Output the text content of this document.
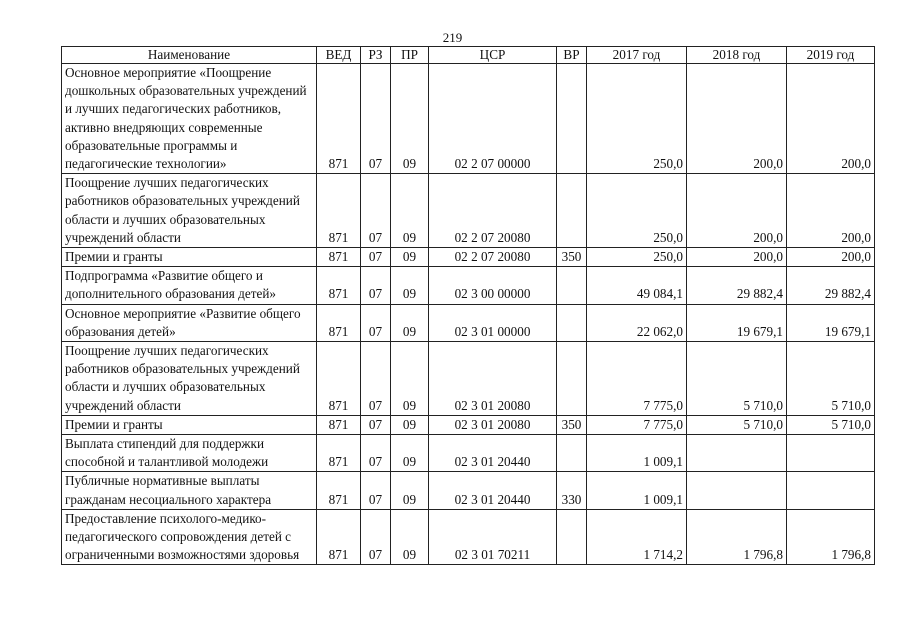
219
Наименование	ВЕД	РЗ	ПР	ЦСР	ВР	2017 год	2018 год	2019 год
Основное мероприятие «Поощрение дошкольных образовательных учреждений и лучших педагогических работников, активно внедряющих современные образовательные программы и педагогические технологии»	871	07	09	02 2 07 00000		250,0	200,0	200,0
Поощрение лучших педагогических работников образовательных учреждений области и лучших образовательных учреждений области	871	07	09	02 2 07 20080		250,0	200,0	200,0
Премии и гранты	871	07	09	02 2 07 20080	350	250,0	200,0	200,0
Подпрограмма «Развитие общего и дополнительного образования детей»	871	07	09	02 3 00 00000		49 084,1	29 882,4	29 882,4
Основное мероприятие «Развитие общего образования детей»	871	07	09	02 3 01 00000		22 062,0	19 679,1	19 679,1
Поощрение лучших педагогических работников образовательных учреждений области и лучших образовательных учреждений области	871	07	09	02 3 01 20080		7 775,0	5 710,0	5 710,0
Премии и гранты	871	07	09	02 3 01 20080	350	7 775,0	5 710,0	5 710,0
Выплата стипендий для поддержки способной и талантливой молодежи	871	07	09	02 3 01 20440		1 009,1		
Публичные нормативные выплаты гражданам несоциального характера	871	07	09	02 3 01 20440	330	1 009,1		
Предоставление психолого-медико-педагогического сопровождения детей с ограниченными возможностями здоровья	871	07	09	02 3 01 70211		1 714,2	1 796,8	1 796,8
